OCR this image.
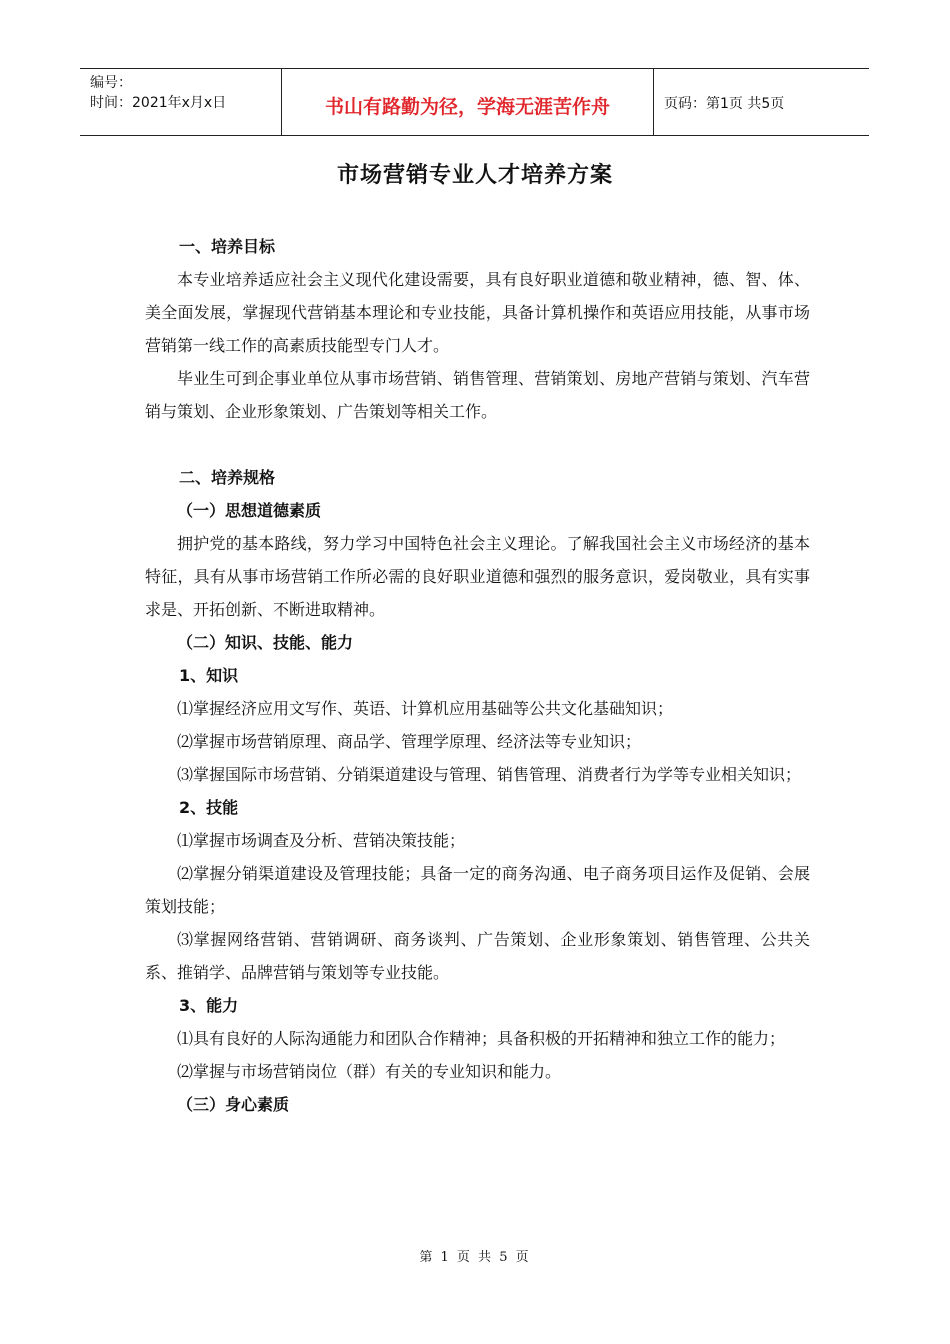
编号：
时间：2021年x月x日	书山有路勤为径，学海无涯苦作舟	页码：第1页 共5页
市场营销专业人才培养方案

一、培养目标

本专业培养适应社会主义现代化建设需要，具有良好职业道德和敬业精神，德、智、体、美全面发展，掌握现代营销基本理论和专业技能，具备计算机操作和英语应用技能，从事市场营销第一线工作的高素质技能型专门人才。

毕业生可到企事业单位从事市场营销、销售管理、营销策划、房地产营销与策划、汽车营销与策划、企业形象策划、广告策划等相关工作。

二、培养规格

（一）思想道德素质

拥护党的基本路线，努力学习中国特色社会主义理论。了解我国社会主义市场经济的基本特征，具有从事市场营销工作所必需的良好职业道德和强烈的服务意识，爱岗敬业，具有实事求是、开拓创新、不断进取精神。

（二）知识、技能、能力

1、知识

⑴掌握经济应用文写作、英语、计算机应用基础等公共文化基础知识；

⑵掌握市场营销原理、商品学、管理学原理、经济法等专业知识；

⑶掌握国际市场营销、分销渠道建设与管理、销售管理、消费者行为学等专业相关知识；

2、技能

⑴掌握市场调查及分析、营销决策技能；

⑵掌握分销渠道建设及管理技能；具备一定的商务沟通、电子商务项目运作及促销、会展策划技能；

⑶掌握网络营销、营销调研、商务谈判、广告策划、企业形象策划、销售管理、公共关系、推销学、品牌营销与策划等专业技能。

3、能力

⑴具有良好的人际沟通能力和团队合作精神；具备积极的开拓精神和独立工作的能力；

⑵掌握与市场营销岗位（群）有关的专业知识和能力。

（三）身心素质

第 1 页 共 5 页
